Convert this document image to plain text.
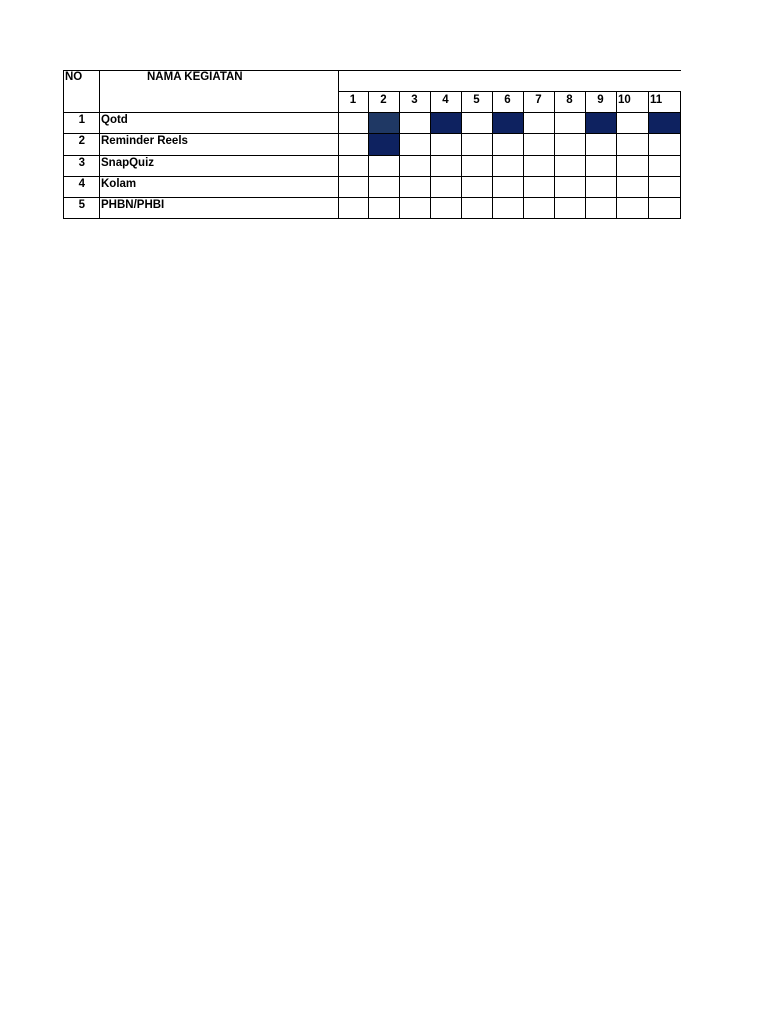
NO	NAMA KEGIATAN
1	2	3	4	5	6	7	8	9	10 11
1 Qotd
2 Reminder Reels
3 SnapQuiz
4 Kolam
5 PHBN/PHBI
